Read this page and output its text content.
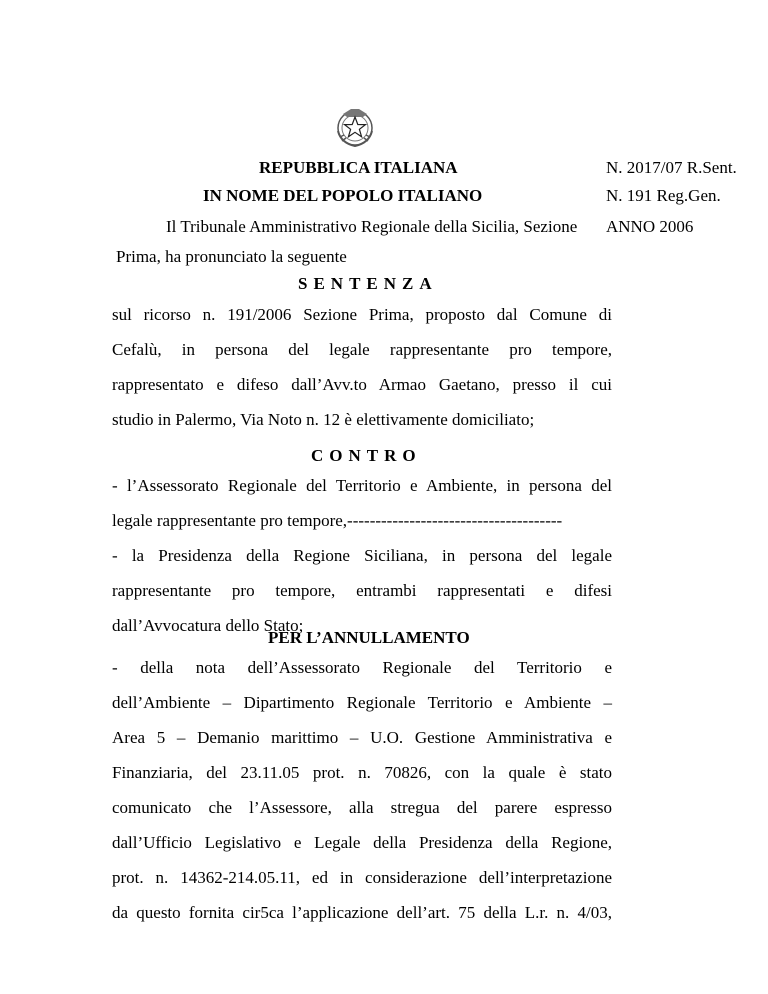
REPUBBLICA ITALIANA
IN NOME DEL POPOLO ITALIANO
N. 2017/07 R.Sent.
N. 191 Reg.Gen.
ANNO 2006
Il Tribunale Amministrativo Regionale della Sicilia, Sezione
Prima, ha pronunciato la seguente
SENTENZA
sul ricorso n. 191/2006 Sezione Prima, proposto dal Comune di
Cefalù, in persona del legale rappresentante pro tempore,
rappresentato e difeso dall’Avv.to Armao Gaetano, presso il cui
studio in Palermo, Via Noto n. 12 è elettivamente domiciliato;
CONTRO
- l’Assessorato Regionale del Territorio e Ambiente, in persona del
legale rappresentante pro tempore,--------------------------------------
- la Presidenza della Regione Siciliana, in persona del legale
rappresentante pro tempore, entrambi rappresentati e difesi
dall’Avvocatura dello Stato;
PER L’ANNULLAMENTO
- della nota dell’Assessorato Regionale del Territorio e
dell’Ambiente – Dipartimento Regionale Territorio e Ambiente –
Area 5 – Demanio marittimo – U.O. Gestione Amministrativa e
Finanziaria, del 23.11.05 prot. n. 70826, con la quale è stato
comunicato che l’Assessore, alla stregua del parere espresso
dall’Ufficio Legislativo e Legale della Presidenza della Regione,
prot. n. 14362-214.05.11, ed in considerazione dell’interpretazione
da questo fornita cir5ca l’applicazione dell’art. 75 della L.r. n. 4/03,
